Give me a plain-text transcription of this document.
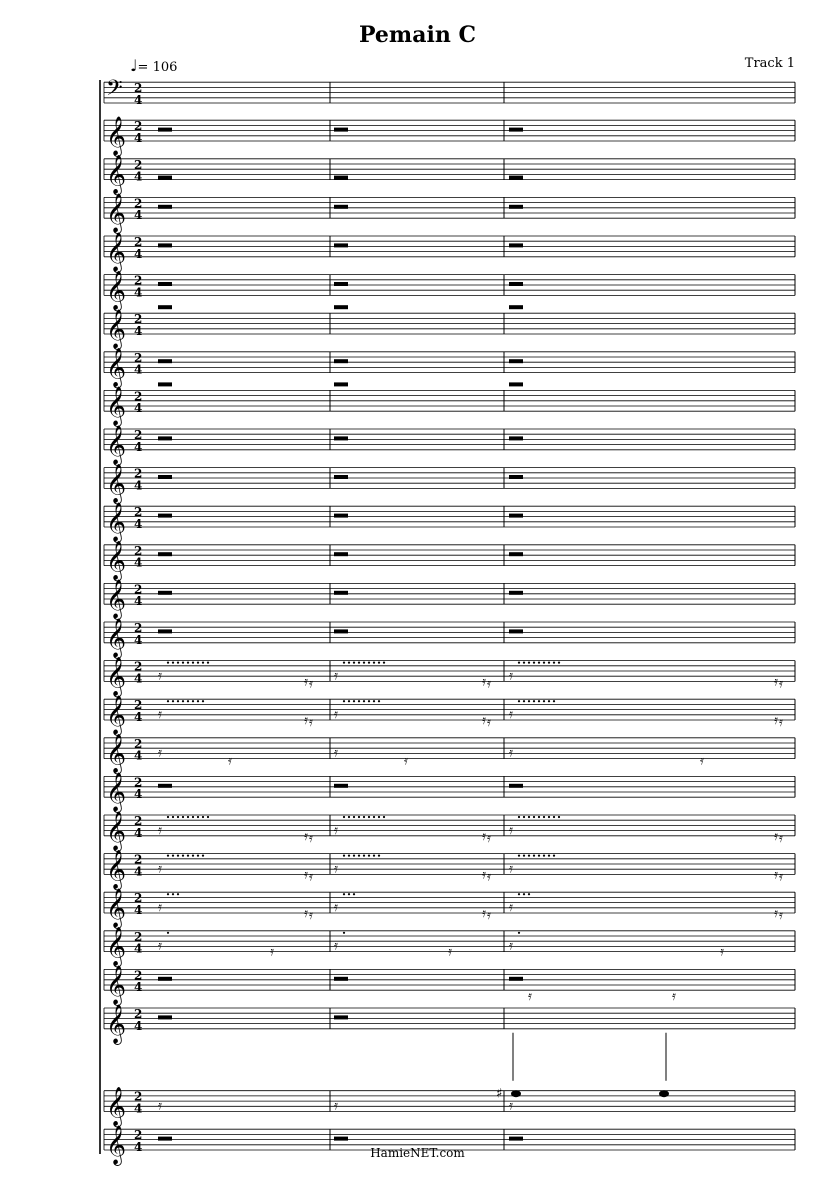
Pemain C
Track 1
♩= 106
𝄢 2
4
𝄞 2
4
𝄞 2
4
𝄞 2
4
𝄞 2
4
𝄞 2
4
𝄞 2
4
𝄞 2
4
𝄞 2
4
𝄞 2
4
𝄞 2
4
𝄞 2
4
𝄞 2
4
𝄞 2
4
𝄞 2
4
𝄞 2
4 𝄿	𝄿 𝄿
𝄿	𝄿 𝄿
𝄿	𝄿 𝄿
𝄞 2
4 𝄿	𝄿 𝄿
𝄿	𝄿 𝄿
𝄿	𝄿 𝄿
𝄞 2
4 𝄿
𝄿
𝄿
𝄿
𝄿
𝄿
𝄞 2
4
𝄞 2
4 𝄿	𝄿 𝄿
𝄿	𝄿 𝄿
𝄿	𝄿 𝄿
𝄞 2
4 𝄿	𝄿 𝄿
𝄿	𝄿 𝄿
𝄿	𝄿 𝄿
𝄞 2
4 𝄿	𝄿 𝄿
𝄿	𝄿 𝄿
𝄿	𝄿 𝄿
𝄞 2
4 𝄿	𝄿	𝄿	𝄿	𝄿	𝄿
𝄞 2
4
𝄞 2
4
𝄿	𝄿
𝄞 2
4 𝄿	𝄿	𝄿
♯
𝄞 2
4	HamieNET.com
